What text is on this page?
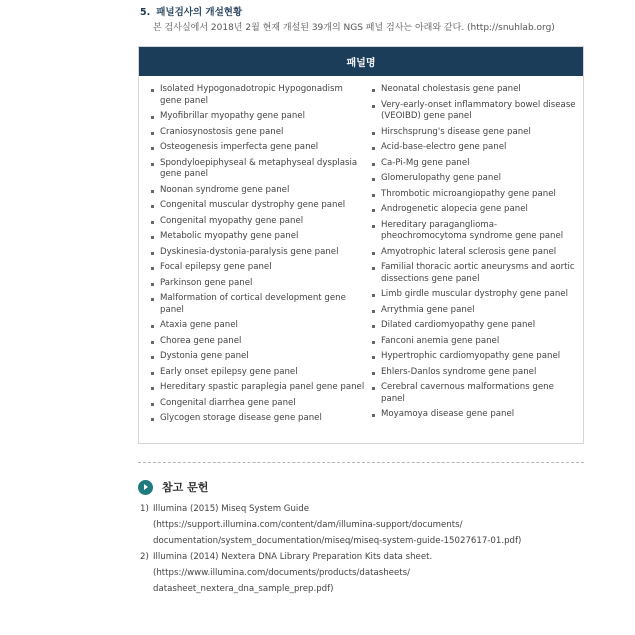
5. 패널검사의 개설현황
본 검사실에서 2018년 2월 현재 개설된 39개의 NGS 패널 검사는 아래와 같다. (http://snuhlab.org)
패널명
Isolated Hypogonadotropic Hypogonadism gene panel
Myofibrillar myopathy gene panel
Craniosynostosis gene panel
Osteogenesis imperfecta gene panel
Spondyloepiphyseal & metaphyseal dysplasia gene panel
Noonan syndrome gene panel
Congenital muscular dystrophy gene panel
Congenital myopathy gene panel
Metabolic myopathy gene panel
Dyskinesia-dystonia-paralysis gene panel
Focal epilepsy gene panel
Parkinson gene panel
Malformation of cortical development gene panel
Ataxia gene panel
Chorea gene panel
Dystonia gene panel
Early onset epilepsy gene panel
Hereditary spastic paraplegia panel gene panel
Congenital diarrhea gene panel
Glycogen storage disease gene panel
Neonatal cholestasis gene panel
Very-early-onset inflammatory bowel disease (VEOIBD) gene panel
Hirschsprung's disease gene panel
Acid-base-electro gene panel
Ca-Pi-Mg gene panel
Glomerulopathy gene panel
Thrombotic microangiopathy gene panel
Androgenetic alopecia gene panel
Hereditary paraganglioma-pheochromocytoma syndrome gene panel
Amyotrophic lateral sclerosis gene panel
Familial thoracic aortic aneurysms and aortic dissections gene panel
Limb girdle muscular dystrophy gene panel
Arrythmia gene panel
Dilated cardiomyopathy gene panel
Fanconi anemia gene panel
Hypertrophic cardiomyopathy gene panel
Ehlers-Danlos syndrome gene panel
Cerebral cavernous malformations gene panel
Moyamoya disease gene panel
참고 문헌
1) Illumina (2015) Miseq System Guide
(https://support.illumina.com/content/dam/illumina-support/documents/
documentation/system_documentation/miseq/miseq-system-guide-15027617-01.pdf)
2) Illumina (2014) Nextera DNA Library Preparation Kits data sheet.
(https://www.illumina.com/documents/products/datasheets/
datasheet_nextera_dna_sample_prep.pdf)
